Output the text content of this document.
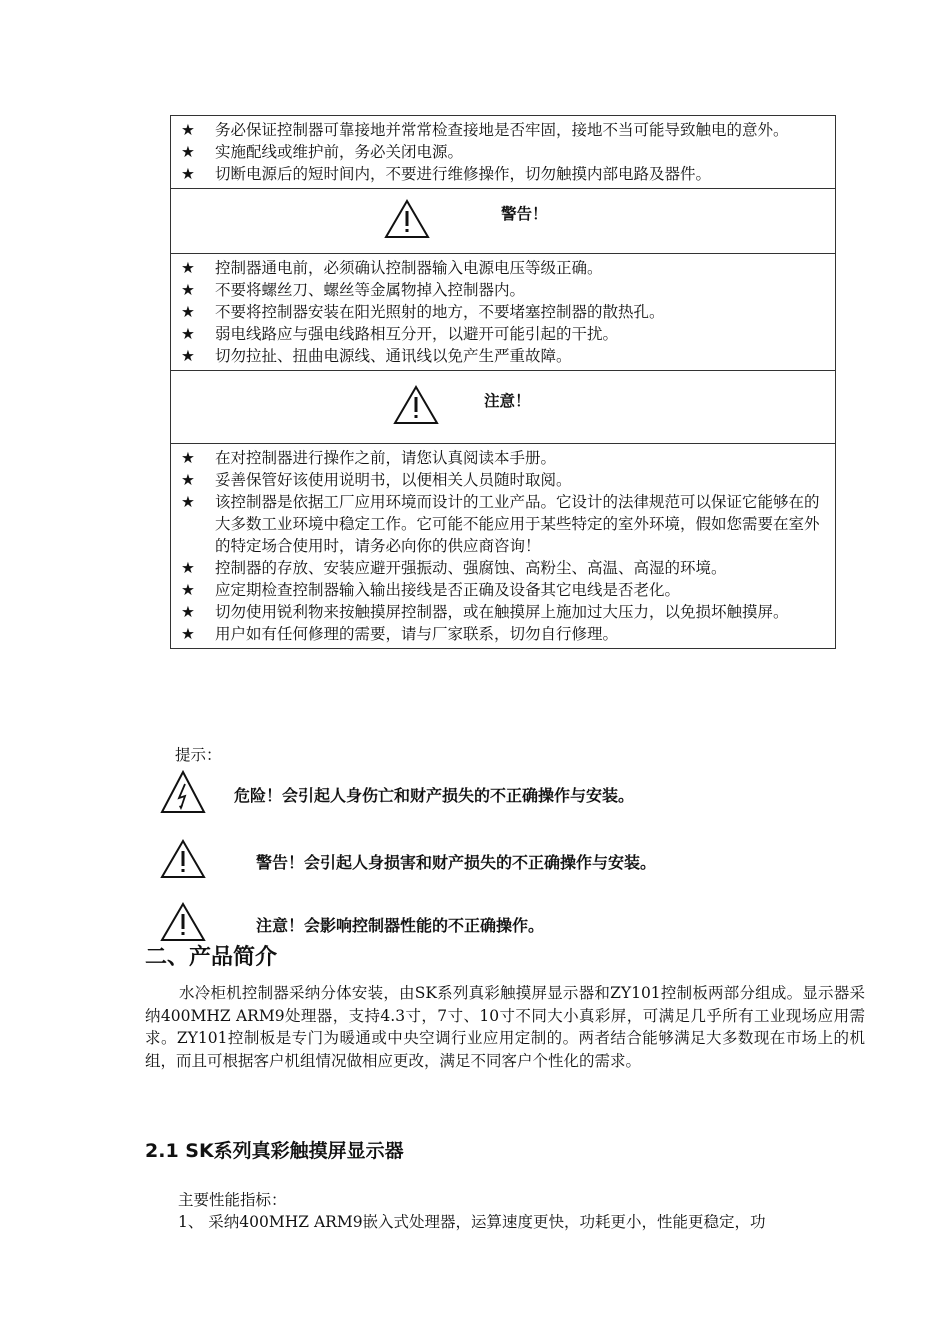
★	务必保证控制器可靠接地并常常检查接地是否牢固，接地不当可能导致触电的意外。
★	实施配线或维护前，务必关闭电源。
★	切断电源后的短时间内，不要进行维修操作，切勿触摸内部电路及器件。
警告！
★	控制器通电前，必须确认控制器输入电源电压等级正确。
★	不要将螺丝刀、螺丝等金属物掉入控制器内。
★	不要将控制器安装在阳光照射的地方，不要堵塞控制器的散热孔。
★	弱电线路应与强电线路相互分开，以避开可能引起的干扰。
★	切勿拉扯、扭曲电源线、通讯线以免产生严重故障。
注意！
★	在对控制器进行操作之前，请您认真阅读本手册。
★	妥善保管好该使用说明书，以便相关人员随时取阅。
★	该控制器是依据工厂应用环境而设计的工业产品。它设计的法律规范可以保证它能够在的大多数工业环境中稳定工作。它可能不能应用于某些特定的室外环境，假如您需要在室外的特定场合使用时，请务必向你的供应商咨询！
★	控制器的存放、安装应避开强振动、强腐蚀、高粉尘、高温、高湿的环境。
★	应定期检查控制器输入输出接线是否正确及设备其它电线是否老化。
★	切勿使用锐利物来按触摸屏控制器，或在触摸屏上施加过大压力，以免损坏触摸屏。
★	用户如有任何修理的需要，请与厂家联系，切勿自行修理。
提示：
危险！会引起人身伤亡和财产损失的不正确操作与安装。
警告！会引起人身损害和财产损失的不正确操作与安装。
注意！会影响控制器性能的不正确操作。
二、产品简介
水冷柜机控制器采纳分体安装，由SK系列真彩触摸屏显示器和ZY101控制板两部分组成。显示器采纳400MHZ ARM9处理器，支持4.3寸，7寸、10寸不同大小真彩屏，可满足几乎所有工业现场应用需求。ZY101控制板是专门为暖通或中央空调行业应用定制的。两者结合能够满足大多数现在市场上的机组，而且可根据客户机组情况做相应更改，满足不同客户个性化的需求。
2.1 SK系列真彩触摸屏显示器
主要性能指标：
1、 采纳400MHZ ARM9嵌入式处理器，运算速度更快，功耗更小，性能更稳定，功
